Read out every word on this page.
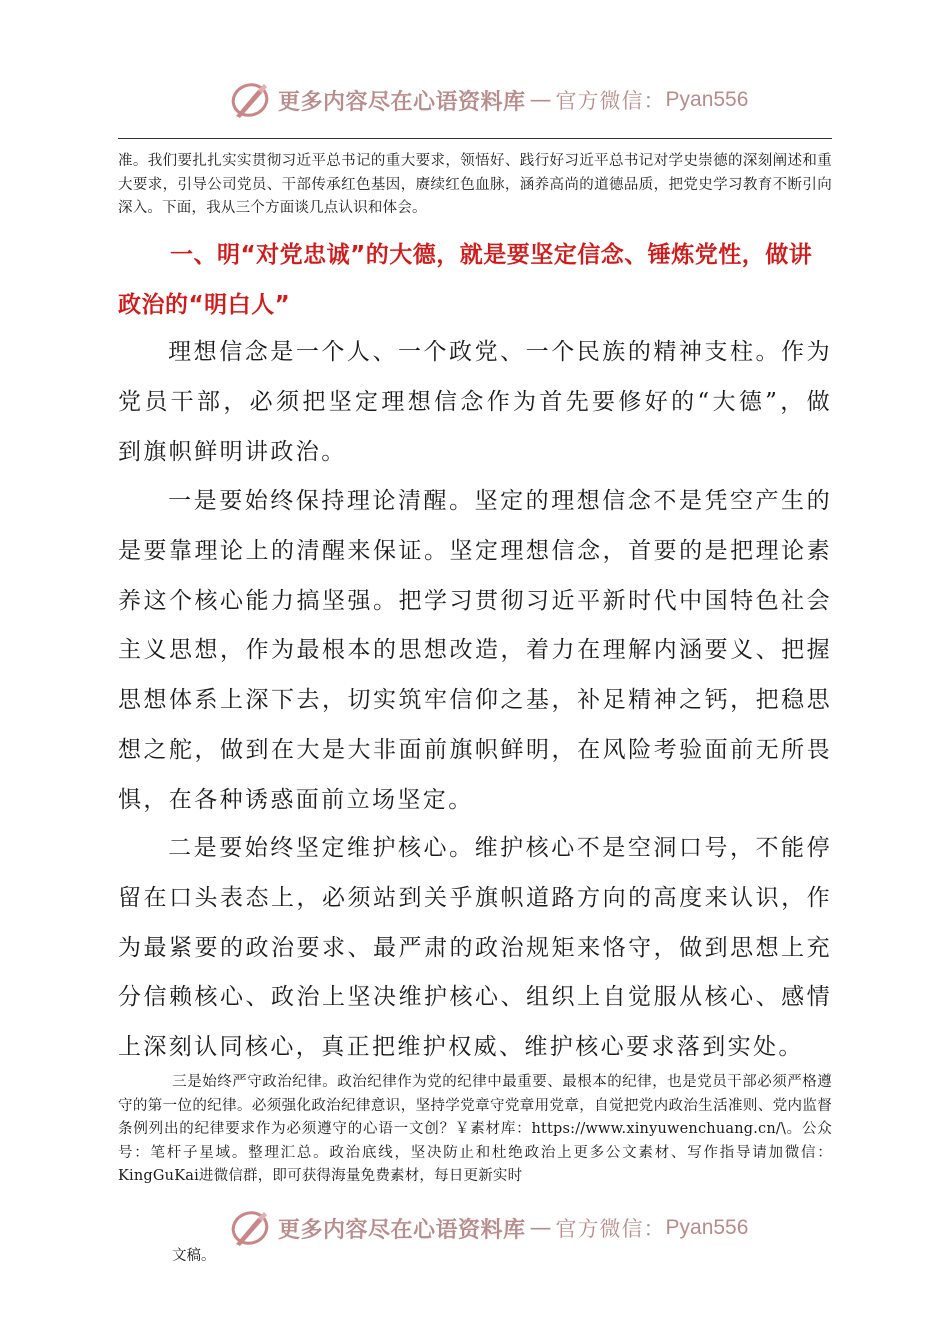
更多内容尽在心语资料库 — 官方微信： Pyan556
准。我们要扎扎实实贯彻习近平总书记的重大要求，领悟好、践行好习近平总书记对学史崇德的深刻阐述和重大要求，引导公司党员、干部传承红色基因，赓续红色血脉，涵养高尚的道德品质，把党史学习教育不断引向深入。下面，我从三个方面谈几点认识和体会。
一、明“对党忠诚”的大德，就是要坚定信念、锤炼党性，做讲政治的“明白人”
理想信念是一个人、一个政党、一个民族的精神支柱。作为党员干部，必须把坚定理想信念作为首先要修好的“大德”，做到旗帜鲜明讲政治。
一是要始终保持理论清醒。坚定的理想信念不是凭空产生的是要靠理论上的清醒来保证。坚定理想信念，首要的是把理论素养这个核心能力搞坚强。把学习贯彻习近平新时代中国特色社会主义思想，作为最根本的思想改造，着力在理解内涵要义、把握思想体系上深下去，切实筑牢信仰之基，补足精神之钙，把稳思想之舵，做到在大是大非面前旗帜鲜明，在风险考验面前无所畏惧，在各种诱惑面前立场坚定。
二是要始终坚定维护核心。维护核心不是空洞口号，不能停留在口头表态上，必须站到关乎旗帜道路方向的高度来认识，作为最紧要的政治要求、最严肃的政治规矩来恪守，做到思想上充分信赖核心、政治上坚决维护核心、组织上自觉服从核心、感情上深刻认同核心，真正把维护权威、维护核心要求落到实处。
三是始终严守政治纪律。政治纪律作为党的纪律中最重要、最根本的纪律，也是党员干部必须严格遵守的第一位的纪律。必须强化政治纪律意识，坚持学党章守党章用党章，自觉把党内政治生活准则、党内监督条例列出的纪律要求作为必须遵守的心语一文创？￥素材库：https://www.xinyuwenchuang.cn/\。公众号：笔杆子星域。整理汇总。政治底线，坚决防止和杜绝政治上更多公文素材、写作指导请加微信：KingGuKai进微信群，即可获得海量免费素材，每日更新实时
更多内容尽在心语资料库 — 官方微信： Pyan556
文稿。
